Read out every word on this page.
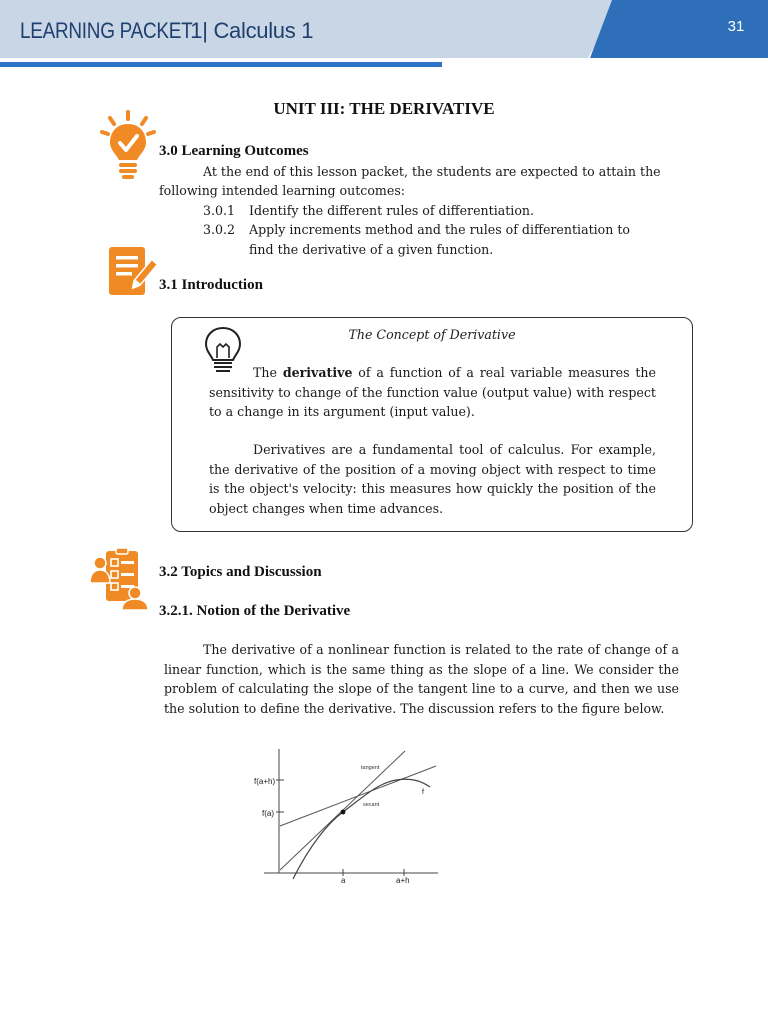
LEARNING PACKET 1| Calculus 1	31
UNIT III: THE DERIVATIVE
3.0 Learning Outcomes
At the end of this lesson packet, the students are expected to attain the
following intended learning outcomes:
3.0.1 Identify the different rules of differentiation.
3.0.2 Apply increments method and the rules of differentiation to
find the derivative of a given function.
3.1 Introduction
The Concept of Derivative
The derivative of a function of a real variable measures the sensitivity to change of the function value (output value) with respect to a change in its argument (input value).
Derivatives are a fundamental tool of calculus. For example, the derivative of the position of a moving object with respect to time is the object's velocity: this measures how quickly the position of the object changes when time advances.
3.2 Topics and Discussion
3.2.1. Notion of the Derivative
The derivative of a nonlinear function is related to the rate of change of a linear function, which is the same thing as the slope of a line. We consider the problem of calculating the slope of the tangent line to a curve, and then we use the solution to define the derivative. The discussion refers to the figure below.
f(a+h)
f(a)
a	a+h
tangent
secant
f
